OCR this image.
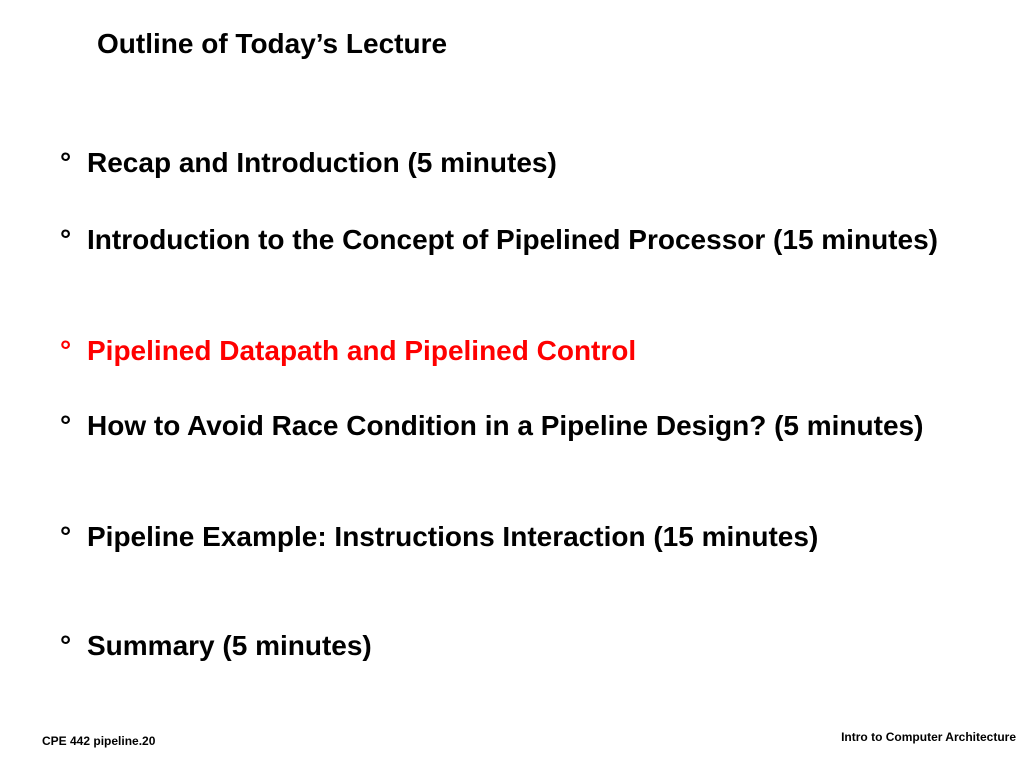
Outline of Today’s Lecture
° Recap and Introduction (5 minutes)
° Introduction to the Concept of Pipelined Processor (15 minutes)
° Pipelined Datapath and Pipelined Control
° How to Avoid Race Condition in a Pipeline Design? (5 minutes)
° Pipeline Example: Instructions Interaction (15 minutes)
° Summary (5 minutes)
CPE 442 pipeline.20	Intro to Computer Architecture
